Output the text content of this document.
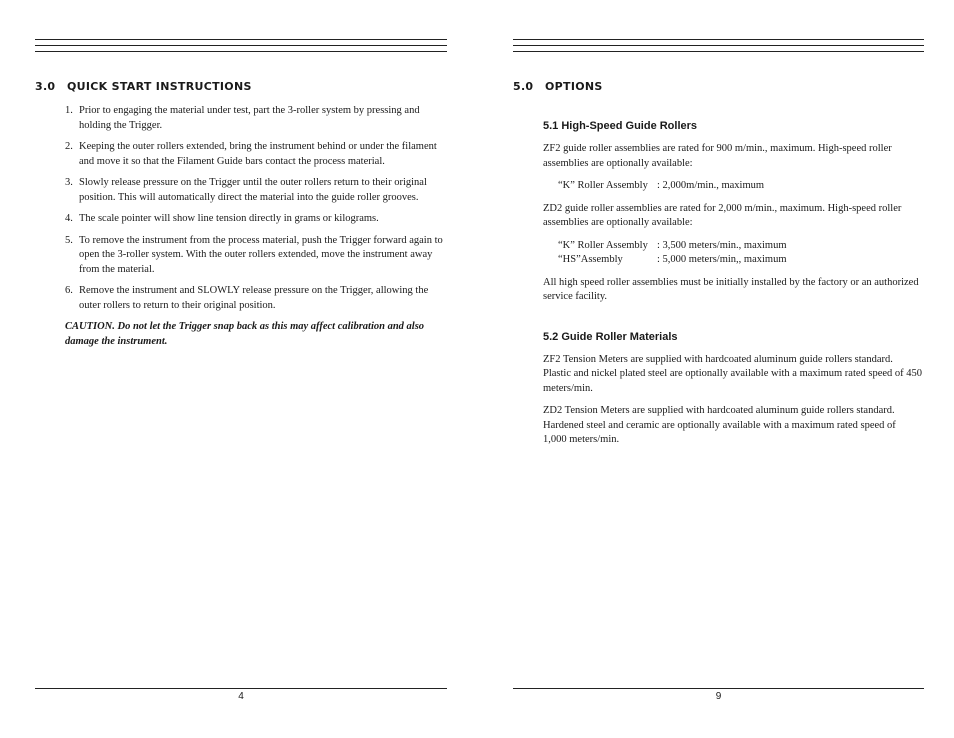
3.0 QUICK START INSTRUCTIONS
1. Prior to engaging the material under test, part the 3-roller system by pressing and holding the Trigger.
2. Keeping the outer rollers extended, bring the instrument behind or under the filament and move it so that the Filament Guide bars contact the process material.
3. Slowly release pressure on the Trigger until the outer rollers return to their original position. This will automatically direct the material into the guide roller grooves.
4. The scale pointer will show line tension directly in grams or kilograms.
5. To remove the instrument from the process material, push the Trigger forward again to open the 3-roller system. With the outer rollers extended, move the instrument away from the material.
6. Remove the instrument and SLOWLY release pressure on the Trigger, allowing the outer rollers to return to their original position.

CAUTION. Do not let the Trigger snap back as this may affect calibration and also damage the instrument.

4
5.0 OPTIONS
5.1 High-Speed Guide Rollers

ZF2 guide roller assemblies are rated for 900 m/min., maximum. High-speed roller assemblies are optionally available:

“K” Roller Assembly : 2,000m/min., maximum

ZD2 guide roller assemblies are rated for 2,000 m/min., maximum. High-speed roller assemblies are optionally available:

“K” Roller Assembly : 3,500 meters/min., maximum
“HS”Assembly	: 5,000 meters/min,, maximum

All high speed roller assemblies must be initially installed by the factory or an authorized service facility.

5.2 Guide Roller Materials

ZF2 Tension Meters are supplied with hardcoated aluminum guide rollers standard. Plastic and nickel plated steel are optionally available with a maximum rated speed of 450 meters/min.

ZD2 Tension Meters are supplied with hardcoated aluminum guide rollers standard. Hardened steel and ceramic are optionally available with a maximum rated speed of 1,000 meters/min.

9
